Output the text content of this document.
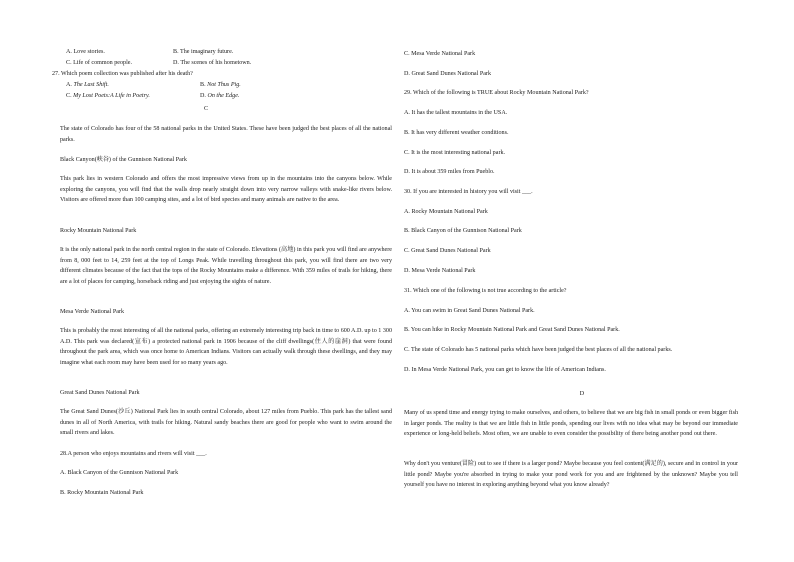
A. Love stories.	B. The imaginary future.
C. Life of common people.	D. The scenes of his hometown.
27. Which poem collection was published after his death?
A. The Last Shift.	B. Not Thus Pig.
C. My Lost Poets:A Life in Poetry.	D. On the Edge.
C
The state of Colorado has four of the 58 national parks in the United States. These have been judged the best places of all the national parks.
Black Canyon(峡谷) of the Gunnison National Park
This park lies in western Colorado and offers the most impressive views from up in the mountains into the canyons below. While exploring the canyons, you will find that the walls drop nearly straight down into very narrow valleys with snake-like rivers below. Visitors are offered more than 100 camping sites, and a lot of bird species and many animals are native to the area.
Rocky Mountain National Park
It is the only national park in the north central region in the state of Colorado. Elevations (高地) in this park you will find are anywhere from 8, 000 feet to 14, 259 feet at the top of Longs Peak. While travelling throughout this park, you will find there are two very different climates because of the fact that the tops of the Rocky Mountains make a difference. With 359 miles of trails for hiking, there are a lot of places for camping, horseback riding and just enjoying the sights of nature.
Mesa Verde National Park
This is probably the most interesting of all the national parks, offering an extremely interesting trip back in time to 600 A.D. up to 1 300 A.D. This park was declared(宣布) a protected national park in 1906 because of the cliff dwellings(住人的崖洞) that were found throughout the park area, which was once home to American Indians. Visitors can actually walk through these dwellings, and they may imagine what each room may have been used for so many years ago.
Great Sand Dunes National Park
The Great Sand Dunes(沙丘) National Park lies in south central Colorado, about 127 miles from Pueblo. This park has the tallest sand dunes in all of North America, with trails for hiking. Natural sandy beaches there are good for people who want to swim around the small rivers and lakes.
28.A person who enjoys mountains and rivers will visit ___.
A. Black Canyon of the Gunnison National Park
B. Rocky Mountain National Park
C. Mesa Verde National Park
D. Great Sand Dunes National Park
29. Which of the following is TRUE about Rocky Mountain National Park?
A. It has the tallest mountains in the USA.
B. It has very different weather conditions.
C. It is the most interesting national park.
D. It is about 359 miles from Pueblo.
30. If you are interested in history you will visit ___.
A. Rocky Mountain National Park
B. Black Canyon of the Gunnison National Park
C. Great Sand Dunes National Park
D. Mesa Verde National Park
31. Which one of the following is not true according to the article?
A. You can swim in Great Sand Dunes National Park.
B. You can hike in Rocky Mountain National Park and Great Sand Dunes National Park.
C. The state of Colorado has 5 national parks which have been judged the best places of all the national parks.
D. In Mesa Verde National Park, you can get to know the life of American Indians.
D
Many of us spend time and energy trying to make ourselves, and others, to believe that we are big fish in small ponds or even bigger fish in larger ponds. The reality is that we are little fish in little ponds, spending our lives with no idea what may be beyond our immediate experience or long-held beliefs. Most often, we are unable to even consider the possibility of there being another pond out there.
Why don't you venture(冒险) out to see if there is a larger pond? Maybe because you feel content(满足的), secure and in control in your little pond? Maybe you're absorbed in trying to make your pond work for you and are frightened by the unknown? Maybe you tell yourself you have no interest in exploring anything beyond what you know already?
